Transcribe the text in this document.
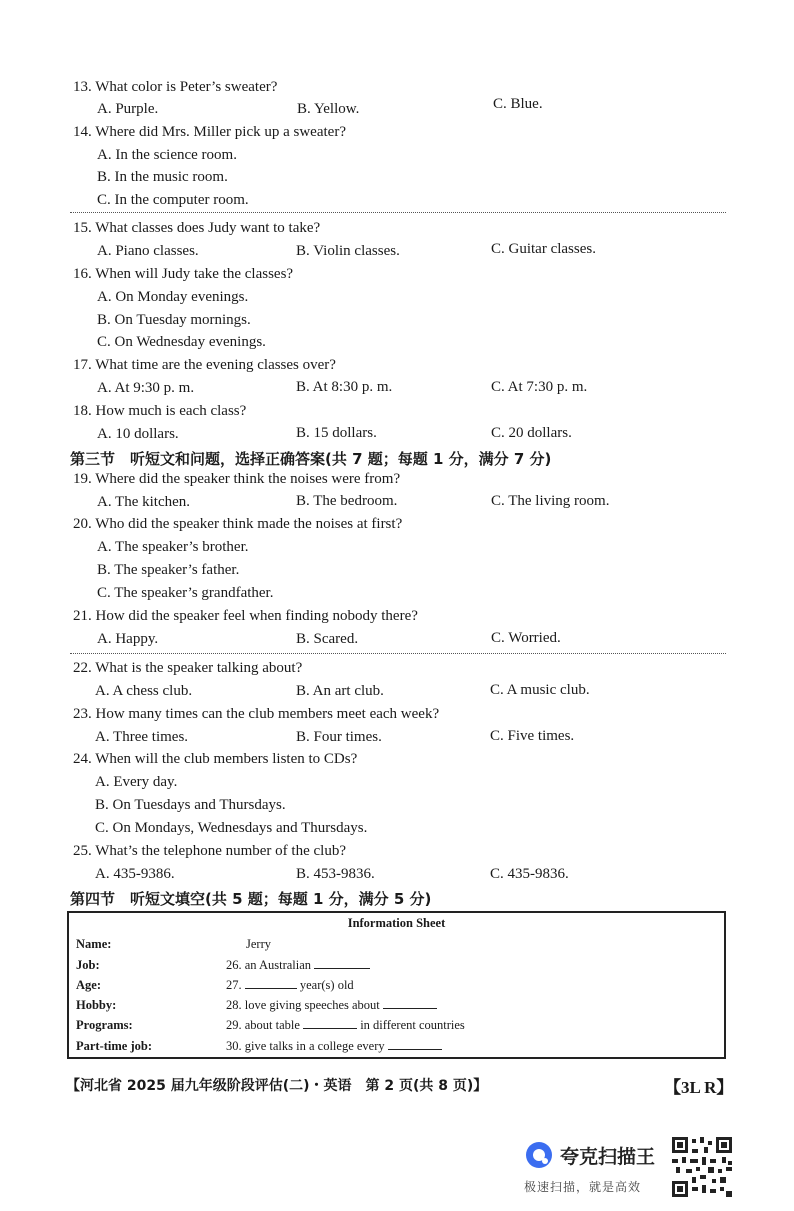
13. What color is Peter’s sweater?
A. Purple.	B. Yellow.	C. Blue.
14. Where did Mrs. Miller pick up a sweater?
A. In the science room.
B. In the music room.
C. In the computer room.
15. What classes does Judy want to take?
A. Piano classes.	B. Violin classes.	C. Guitar classes.
16. When will Judy take the classes?
A. On Monday evenings.
B. On Tuesday mornings.
C. On Wednesday evenings.
17. What time are the evening classes over?
A. At 9:30 p. m.	B. At 8:30 p. m.	C. At 7:30 p. m.
18. How much is each class?
A. 10 dollars.	B. 15 dollars.	C. 20 dollars.
第三节　听短文和问题，选择正确答案(共 7 题；每题 1 分，满分 7 分)
19. Where did the speaker think the noises were from?
A. The kitchen.	B. The bedroom.	C. The living room.
20. Who did the speaker think made the noises at first?
A. The speaker’s brother.
B. The speaker’s father.
C. The speaker’s grandfather.
21. How did the speaker feel when finding nobody there?
A. Happy.	B. Scared.	C. Worried.
22. What is the speaker talking about?
A. A chess club.	B. An art club.	C. A music club.
23. How many times can the club members meet each week?
A. Three times.	B. Four times.	C. Five times.
24. When will the club members listen to CDs?
A. Every day.
B. On Tuesdays and Thursdays.
C. On Mondays, Wednesdays and Thursdays.
25. What’s the telephone number of the club?
A. 435-9386.	B. 453-9836.	C. 435-9836.
第四节　听短文填空(共 5 题；每题 1 分，满分 5 分)
Information Sheet
Name:	Jerry
Job:	26. an Australian
Age:	27.	year(s) old
Hobby:	28. love giving speeches about
Programs:	29. about table	in different countries
Part-time job:	30. give talks in a college every
【河北省 2025 届九年级阶段评估(二)・英语　第 2 页(共 8 页)】	【3L R】
夸克扫描王
极速扫描，就是高效
